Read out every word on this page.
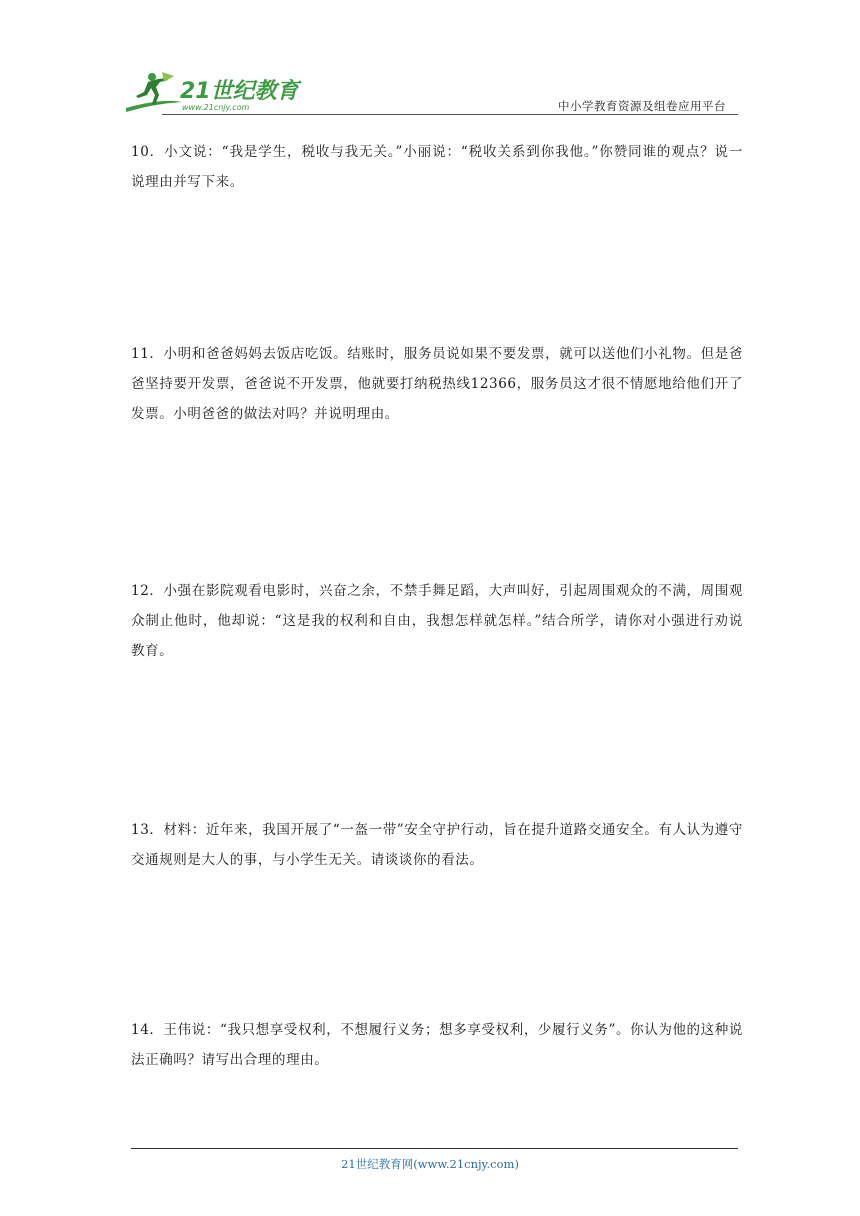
21世纪教育
www.21cnjy.com	中小学教育资源及组卷应用平台
10．小文说：“我是学生，税收与我无关。”小丽说：“税收关系到你我他。”你赞同谁的观点？说一说理由并写下来。
11．小明和爸爸妈妈去饭店吃饭。结账时，服务员说如果不要发票，就可以送他们小礼物。但是爸爸坚持要开发票，爸爸说不开发票，他就要打纳税热线12366，服务员这才很不情愿地给他们开了发票。小明爸爸的做法对吗？并说明理由。
12．小强在影院观看电影时，兴奋之余，不禁手舞足蹈，大声叫好，引起周围观众的不满，周围观众制止他时，他却说：“这是我的权利和自由，我想怎样就怎样。”结合所学，请你对小强进行劝说教育。
13．材料：近年来，我国开展了“一盔一带”安全守护行动，旨在提升道路交通安全。有人认为遵守交通规则是大人的事，与小学生无关。请谈谈你的看法。
14．王伟说：“我只想享受权利，不想履行义务；想多享受权利，少履行义务”。你认为他的这种说法正确吗？请写出合理的理由。
21世纪教育网(www.21cnjy.com)
